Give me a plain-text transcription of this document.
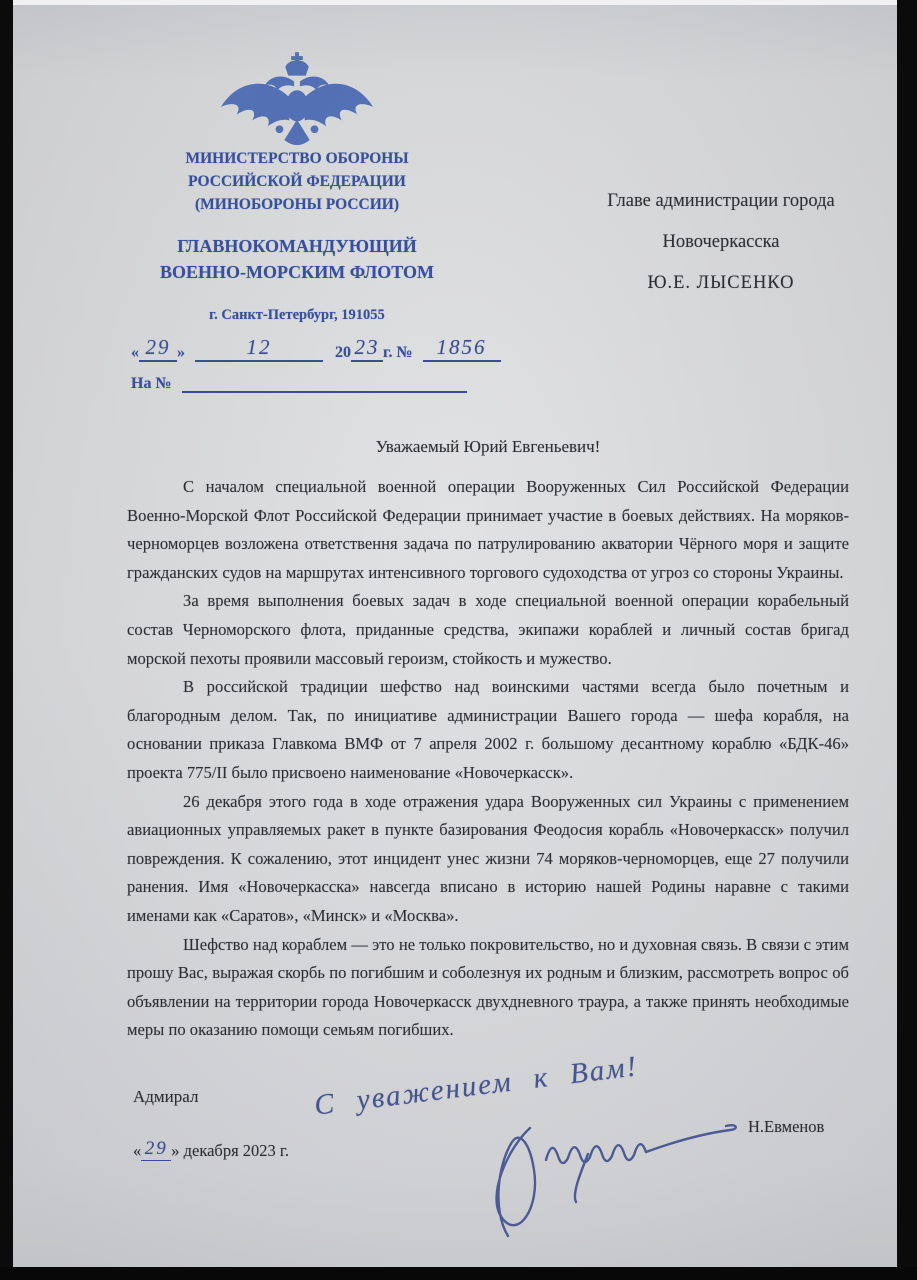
МИНИСТЕРСТВО ОБОРОНЫ
РОССИЙСКОЙ ФЕДЕРАЦИИ
(МИНОБОРОНЫ РОССИИ)
ГЛАВНОКОМАНДУЮЩИЙ
ВОЕННО-МОРСКИМ ФЛОТОМ
г. Санкт-Петербург, 191055
Главе администрации города
Новочеркасска
Ю.Е. ЛЫСЕНКО
« 29 »	12	20 23 г. № 1856
На №
Уважаемый Юрий Евгеньевич!

С началом специальной военной операции Вооруженных Сил Российской Федерации Военно-Морской Флот Российской Федерации принимает участие в боевых действиях. На моряков-черноморцев возложена ответствення задача по патрулированию акватории Чёрного моря и защите гражданских судов на маршрутах интенсивного торгового судоходства от угроз со стороны Украины.

За время выполнения боевых задач в ходе специальной военной операции корабельный состав Черноморского флота, приданные средства, экипажи кораблей и личный состав бригад морской пехоты проявили массовый героизм, стойкость и мужество.

В российской традиции шефство над воинскими частями всегда было почетным и благородным делом. Так, по инициативе администрации Вашего города — шефа корабля, на основании приказа Главкома ВМФ от 7 апреля 2002 г. большому десантному кораблю «БДК-46» проекта 775/II было присвоено наименование «Новочеркасск».

26 декабря этого года в ходе отражения удара Вооруженных сил Украины с применением авиационных управляемых ракет в пункте базирования Феодосия корабль «Новочеркасск» получил повреждения. К сожалению, этот инцидент унес жизни 74 моряков-черноморцев, еще 27 получили ранения. Имя «Новочеркасска» навсегда вписано в историю нашей Родины наравне с такими именами как «Саратов», «Минск» и «Москва».

Шефство над кораблем — это не только покровительство, но и духовная связь. В связи с этим прошу Вас, выражая скорбь по погибшим и соболезнуя их родным и близким, рассмотреть вопрос об объявлении на территории города Новочеркасск двухдневного траура, а также принять необходимые меры по оказанию помощи семьям погибших.

Адмирал
Н.Евменов
« 29 » декабря 2023 г.
С уважением к Вам!
